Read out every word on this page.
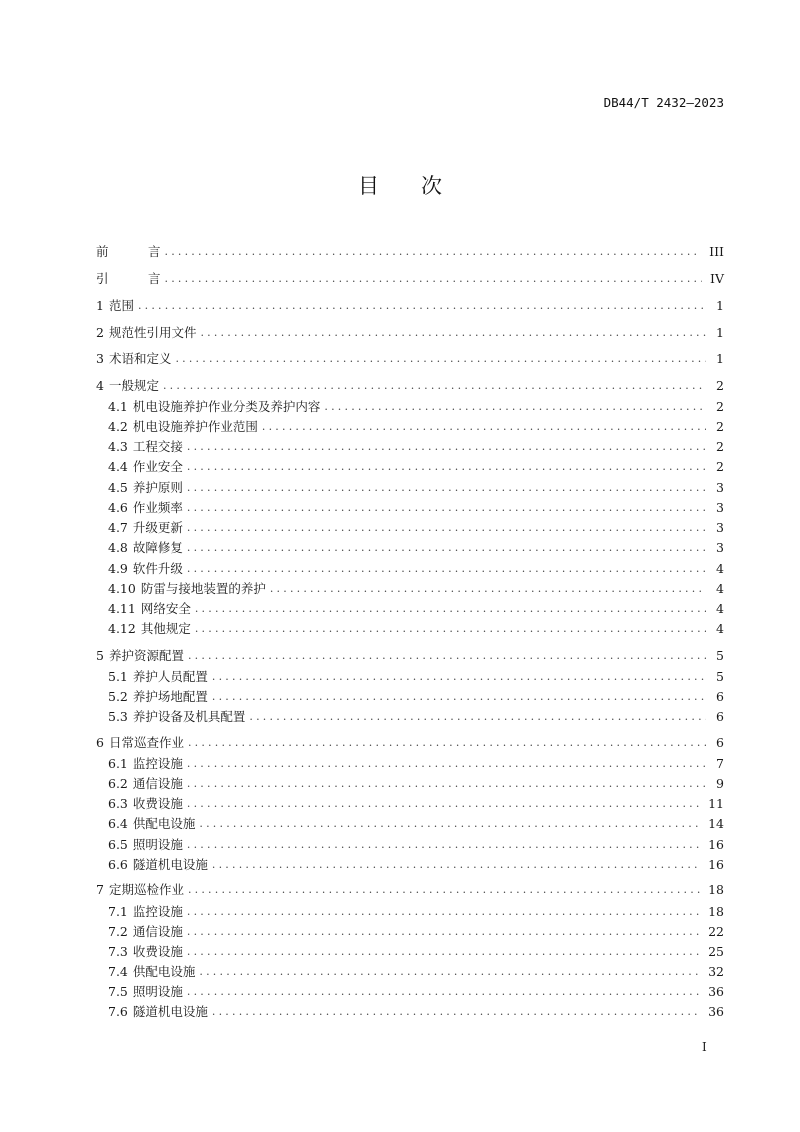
DB44/T 2432—2023
目 次
前	言 .....	III
引	言 .....	IV
1 范围 .....	1
2 规范性引用文件 .....	1
3 术语和定义 .....	1
4 一般规定 .....	2
4.1 机电设施养护作业分类及养护内容 .....	2
4.2 机电设施养护作业范围 .....	2
4.3 工程交接 .....	2
4.4 作业安全 .....	2
4.5 养护原则 .....	3
4.6 作业频率 .....	3
4.7 升级更新 .....	3
4.8 故障修复 .....	3
4.9 软件升级 .....	4
4.10 防雷与接地装置的养护 .....	4
4.11 网络安全 .....	4
4.12 其他规定 .....	4
5 养护资源配置 .....	5
5.1 养护人员配置 .....	5
5.2 养护场地配置 .....	6
5.3 养护设备及机具配置 .....	6
6 日常巡查作业 .....	6
6.1 监控设施 .....	7
6.2 通信设施 .....	9
6.3 收费设施 .....	11
6.4 供配电设施 .....	14
6.5 照明设施 .....	16
6.6 隧道机电设施 .....	16
7 定期巡检作业 .....	18
7.1 监控设施 .....	18
7.2 通信设施 .....	22
7.3 收费设施 .....	25
7.4 供配电设施 .....	32
7.5 照明设施 .....	36
7.6 隧道机电设施 .....	36
I
